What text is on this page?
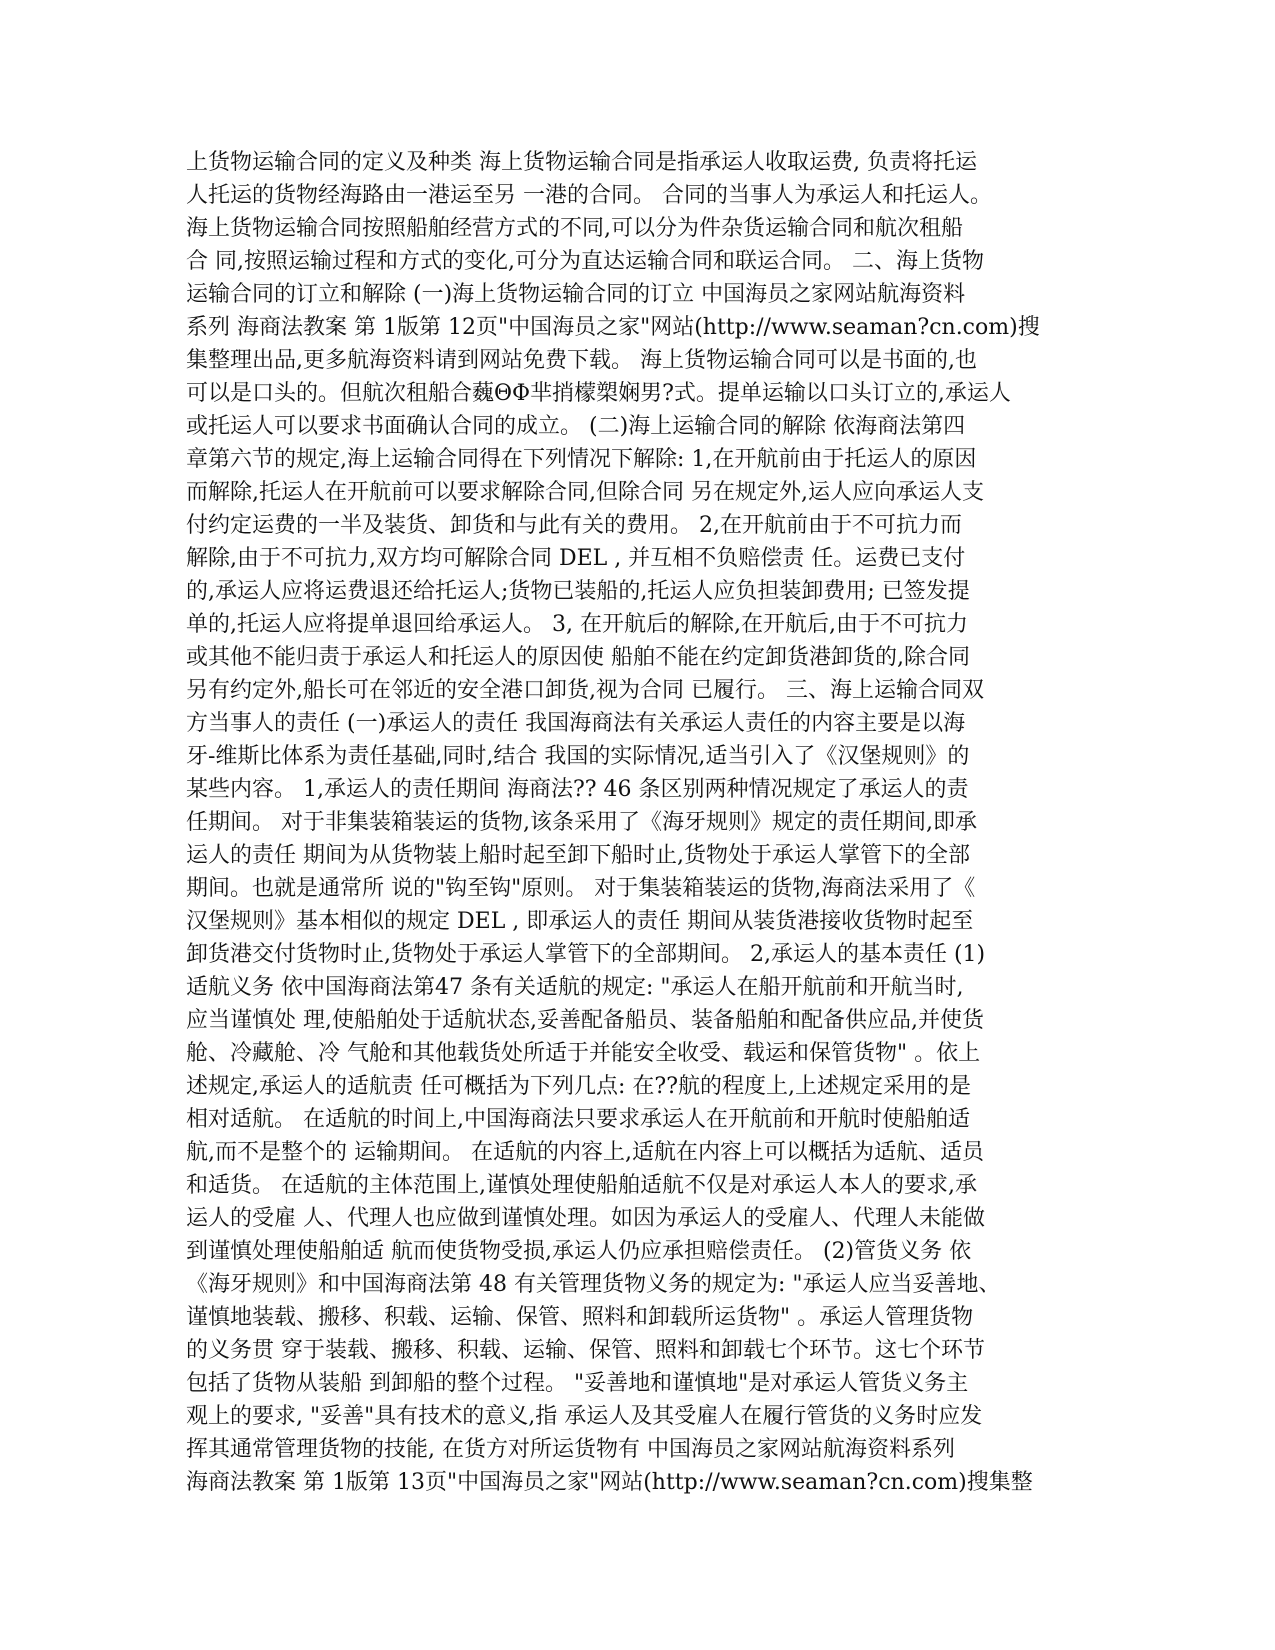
上货物运输合同的定义及种类 海上货物运输合同是指承运人收取运费, 负责将托运
人托运的货物经海路由一港运至另 一港的合同。 合同的当事人为承运人和托运人。
海上货物运输合同按照船舶经营方式的不同,可以分为件杂货运输合同和航次租船
合 同,按照运输过程和方式的变化,可分为直达运输合同和联运合同。 二、海上货物
运输合同的订立和解除 (一)海上货物运输合同的订立 中国海员之家网站航海资料
系列 海商法教案 第 1版第 12页"中国海员之家"网站(http://www.seaman?cn.com)搜
集整理出品,更多航海资料请到网站免费下载。 海上货物运输合同可以是书面的,也
可以是口头的。但航次租船合蘶ΘΦ芈捎檬槊娴男?式。提单运输以口头订立的,承运人
或托运人可以要求书面确认合同的成立。 (二)海上运输合同的解除 依海商法第四
章第六节的规定,海上运输合同得在下列情况下解除: 1,在开航前由于托运人的原因
而解除,托运人在开航前可以要求解除合同,但除合同 另在规定外,运人应向承运人支
付约定运费的一半及装货、卸货和与此有关的费用。 2,在开航前由于不可抗力而
解除,由于不可抗力,双方均可解除合同 DEL , 并互相不负赔偿责 任。运费已支付
的,承运人应将运费退还给托运人;货物已装船的,托运人应负担装卸费用; 已签发提
单的,托运人应将提单退回给承运人。 3, 在开航后的解除,在开航后,由于不可抗力
或其他不能归责于承运人和托运人的原因使 船舶不能在约定卸货港卸货的,除合同
另有约定外,船长可在邻近的安全港口卸货,视为合同 已履行。 三、海上运输合同双
方当事人的责任 (一)承运人的责任 我国海商法有关承运人责任的内容主要是以海
牙-维斯比体系为责任基础,同时,结合 我国的实际情况,适当引入了《汉堡规则》的
某些内容。 1,承运人的责任期间 海商法?? 46 条区别两种情况规定了承运人的责
任期间。 对于非集装箱装运的货物,该条采用了《海牙规则》规定的责任期间,即承
运人的责任 期间为从货物装上船时起至卸下船时止,货物处于承运人掌管下的全部
期间。也就是通常所 说的"钩至钩"原则。 对于集装箱装运的货物,海商法采用了《
汉堡规则》基本相似的规定 DEL , 即承运人的责任 期间从装货港接收货物时起至
卸货港交付货物时止,货物处于承运人掌管下的全部期间。 2,承运人的基本责任 (1)
适航义务 依中国海商法第47 条有关适航的规定: "承运人在船开航前和开航当时,
应当谨慎处 理,使船舶处于适航状态,妥善配备船员、装备船舶和配备供应品,并使货
舱、冷藏舱、冷 气舱和其他载货处所适于并能安全收受、载运和保管货物" 。依上
述规定,承运人的适航责 任可概括为下列几点: 在??航的程度上,上述规定采用的是
相对适航。 在适航的时间上,中国海商法只要求承运人在开航前和开航时使船舶适
航,而不是整个的 运输期间。 在适航的内容上,适航在内容上可以概括为适航、适员
和适货。 在适航的主体范围上,谨慎处理使船舶适航不仅是对承运人本人的要求,承
运人的受雇 人、代理人也应做到谨慎处理。如因为承运人的受雇人、代理人未能做
到谨慎处理使船舶适 航而使货物受损,承运人仍应承担赔偿责任。 (2)管货义务 依
《海牙规则》和中国海商法第 48 有关管理货物义务的规定为: "承运人应当妥善地、
谨慎地装载、搬移、积载、运输、保管、照料和卸载所运货物" 。承运人管理货物
的义务贯 穿于装载、搬移、积载、运输、保管、照料和卸载七个环节。这七个环节
包括了货物从装船 到卸船的整个过程。 "妥善地和谨慎地"是对承运人管货义务主
观上的要求, "妥善"具有技术的意义,指 承运人及其受雇人在履行管货的义务时应发
挥其通常管理货物的技能, 在货方对所运货物有 中国海员之家网站航海资料系列
海商法教案 第 1版第 13页"中国海员之家"网站(http://www.seaman?cn.com)搜集整
